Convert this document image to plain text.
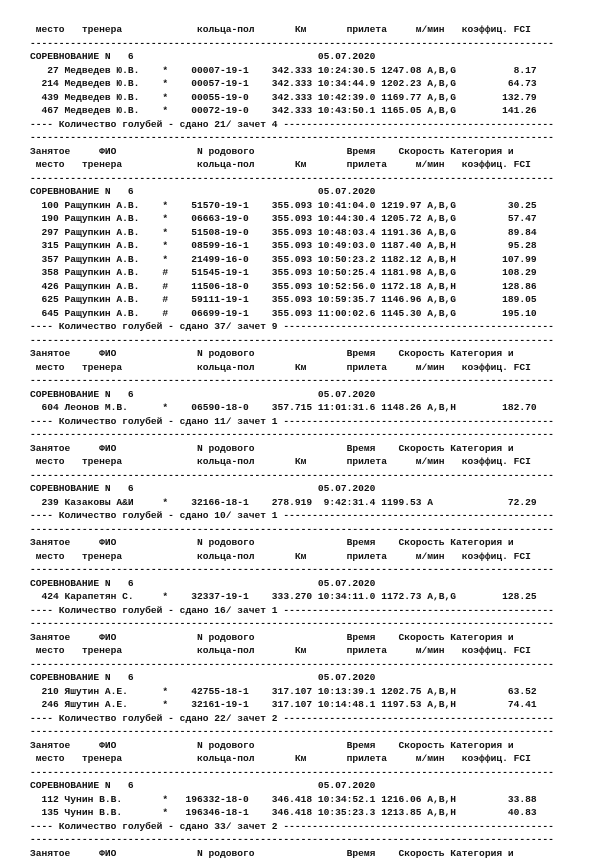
место   тренера             кольца-пол       Км       прилета     м/мин   коэффиц. FCI
-------------------------------------------------------------------------------------------
СОРЕВНОВАНИЕ N   6                                05.07.2020
27 Медведев Ю.В.    *    00007-19-1    342.333 10:24:30.5 1247.08 A,B,G          8.17
214 Медведев Ю.В.    *    00057-19-1    342.333 10:34:44.9 1202.23 A,B,G         64.73
439 Медведев Ю.В.    *    00055-19-0    342.333 10:42:39.0 1169.77 A,B,G        132.79
467 Медведев Ю.В.    *    00072-19-0    342.333 10:43:50.1 1165.05 A,B,G        141.26
---- Количество голубей - сдано 21/ зачет 4 -----------------------------------------------
-------------------------------------------------------------------------------------------
Занятое     ФИО              N родового                Время    Скорость Категория и
место   тренера             кольца-пол       Км       прилета     м/мин   коэффиц. FCI
-------------------------------------------------------------------------------------------
СОРЕВНОВАНИЕ N   6                                05.07.2020
100 Ращупкин А.В.    *    51570-19-1    355.093 10:41:04.0 1219.97 A,B,G         30.25
190 Ращупкин А.В.    *    06663-19-0    355.093 10:44:30.4 1205.72 A,B,G         57.47
297 Ращупкин А.В.    *    51508-19-0    355.093 10:48:03.4 1191.36 A,B,G         89.84
315 Ращупкин А.В.    *    08599-16-1    355.093 10:49:03.0 1187.40 A,B,H         95.28
357 Ращупкин А.В.    *    21499-16-0    355.093 10:50:23.2 1182.12 A,B,H        107.99
358 Ращупкин А.В.    #    51545-19-1    355.093 10:50:25.4 1181.98 A,B,G        108.29
426 Ращупкин А.В.    #    11506-18-0    355.093 10:52:56.0 1172.18 A,B,H        128.86
625 Ращупкин А.В.    #    59111-19-1    355.093 10:59:35.7 1146.96 A,B,G        189.05
645 Ращупкин А.В.    #    06699-19-1    355.093 11:00:02.6 1145.30 A,B,G        195.10
---- Количество голубей - сдано 37/ зачет 9 -----------------------------------------------
-------------------------------------------------------------------------------------------
Занятое     ФИО              N родового                Время    Скорость Категория и
место   тренера             кольца-пол       Км       прилета     м/мин   коэффиц. FCI
-------------------------------------------------------------------------------------------
СОРЕВНОВАНИЕ N   6                                05.07.2020
604 Леонов М.В.      *    06590-18-0    357.715 11:01:31.6 1148.26 A,B,H        182.70
---- Количество голубей - сдано 11/ зачет 1 -----------------------------------------------
-------------------------------------------------------------------------------------------
Занятое     ФИО              N родового                Время    Скорость Категория и
место   тренера             кольца-пол       Км       прилета     м/мин   коэффиц. FCI
-------------------------------------------------------------------------------------------
СОРЕВНОВАНИЕ N   6                                05.07.2020
239 Казаковы А&И     *    32166-18-1    278.919  9:42:31.4 1199.53 A             72.29
---- Количество голубей - сдано 10/ зачет 1 -----------------------------------------------
-------------------------------------------------------------------------------------------
Занятое     ФИО              N родового                Время    Скорость Категория и
место   тренера             кольца-пол       Км       прилета     м/мин   коэффиц. FCI
-------------------------------------------------------------------------------------------
СОРЕВНОВАНИЕ N   6                                05.07.2020
424 Карапетян С.     *    32337-19-1    333.270 10:34:11.0 1172.73 A,B,G        128.25
---- Количество голубей - сдано 16/ зачет 1 -----------------------------------------------
-------------------------------------------------------------------------------------------
Занятое     ФИО              N родового                Время    Скорость Категория и
место   тренера             кольца-пол       Км       прилета     м/мин   коэффиц. FCI
-------------------------------------------------------------------------------------------
СОРЕВНОВАНИЕ N   6                                05.07.2020
210 Яшутин А.Е.      *    42755-18-1    317.107 10:13:39.1 1202.75 A,B,H         63.52
246 Яшутин А.Е.      *    32161-19-1    317.107 10:14:48.1 1197.53 A,B,H         74.41
---- Количество голубей - сдано 22/ зачет 2 -----------------------------------------------
-------------------------------------------------------------------------------------------
Занятое     ФИО              N родового                Время    Скорость Категория и
место   тренера             кольца-пол       Км       прилета     м/мин   коэффиц. FCI
-------------------------------------------------------------------------------------------
СОРЕВНОВАНИЕ N   6                                05.07.2020
112 Чунин В.В.       *   196332-18-0    346.418 10:34:52.1 1216.06 A,B,H         33.88
135 Чунин В.В.       *   196346-18-1    346.418 10:35:23.3 1213.85 A,B,H         40.83
---- Количество голубей - сдано 33/ зачет 2 -----------------------------------------------
-------------------------------------------------------------------------------------------
Занятое     ФИО              N родового                Время    Скорость Категория и
